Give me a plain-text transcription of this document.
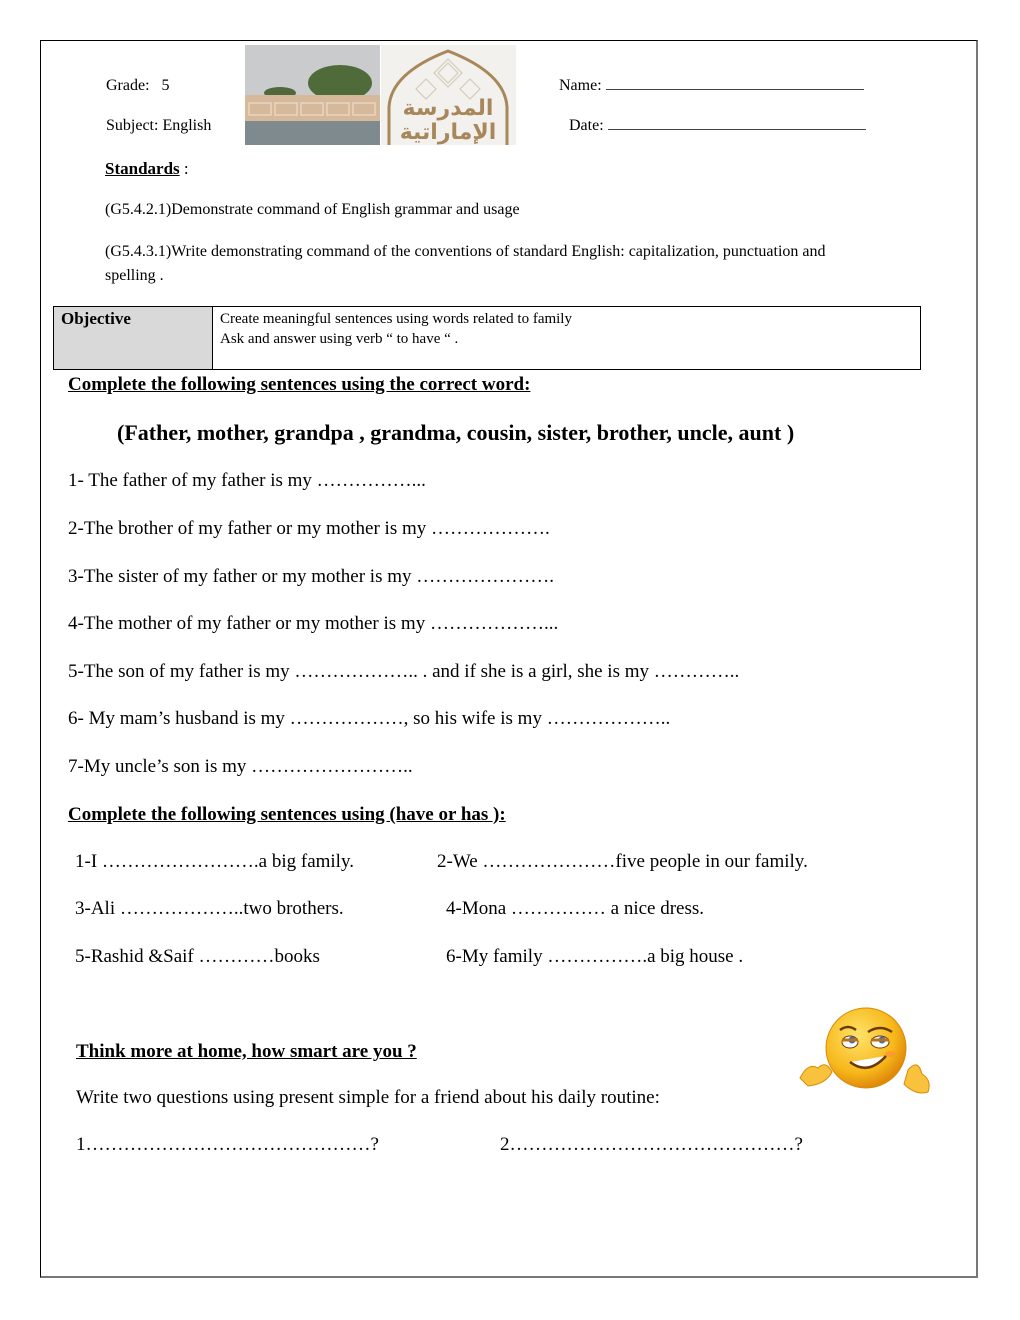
Grade: 5
Subject: English
المدرسة
الإماراتية
Name:
Date:
Standards :
(G5.4.2.1)Demonstrate command of English grammar and usage
(G5.4.3.1)Write demonstrating command of the conventions of standard English: capitalization, punctuation and
spelling .
Objective	Create meaningful sentences using words related to family
Ask and answer using verb “ to have “ .
Complete the following sentences using the correct word:
(Father, mother, grandpa , grandma, cousin, sister, brother, uncle, aunt )
1- The father of my father is my ……………...
2-The brother of my father or my mother is my ……………….
3-The sister of my father or my mother is my ………………….
4-The mother of my father or my mother is my ………………...
5-The son of my father is my ……………….. . and if she is a girl, she is my …………..
6- My mam’s husband is my ………………, so his wife is my ………………..
7-My uncle’s son is my ……………………..
Complete the following sentences using (have or has ):
1-I …………………….a big family.	2-We …………………five people in our family.
3-Ali ………………..two brothers.	4-Mona …………… a nice dress.
5-Rashid &Saif …………books	6-My family …………….a big house .
Think more at home, how smart are you ?
Write two questions using present simple for a friend about his daily routine:
1………………………………………?	2………………………………………?
